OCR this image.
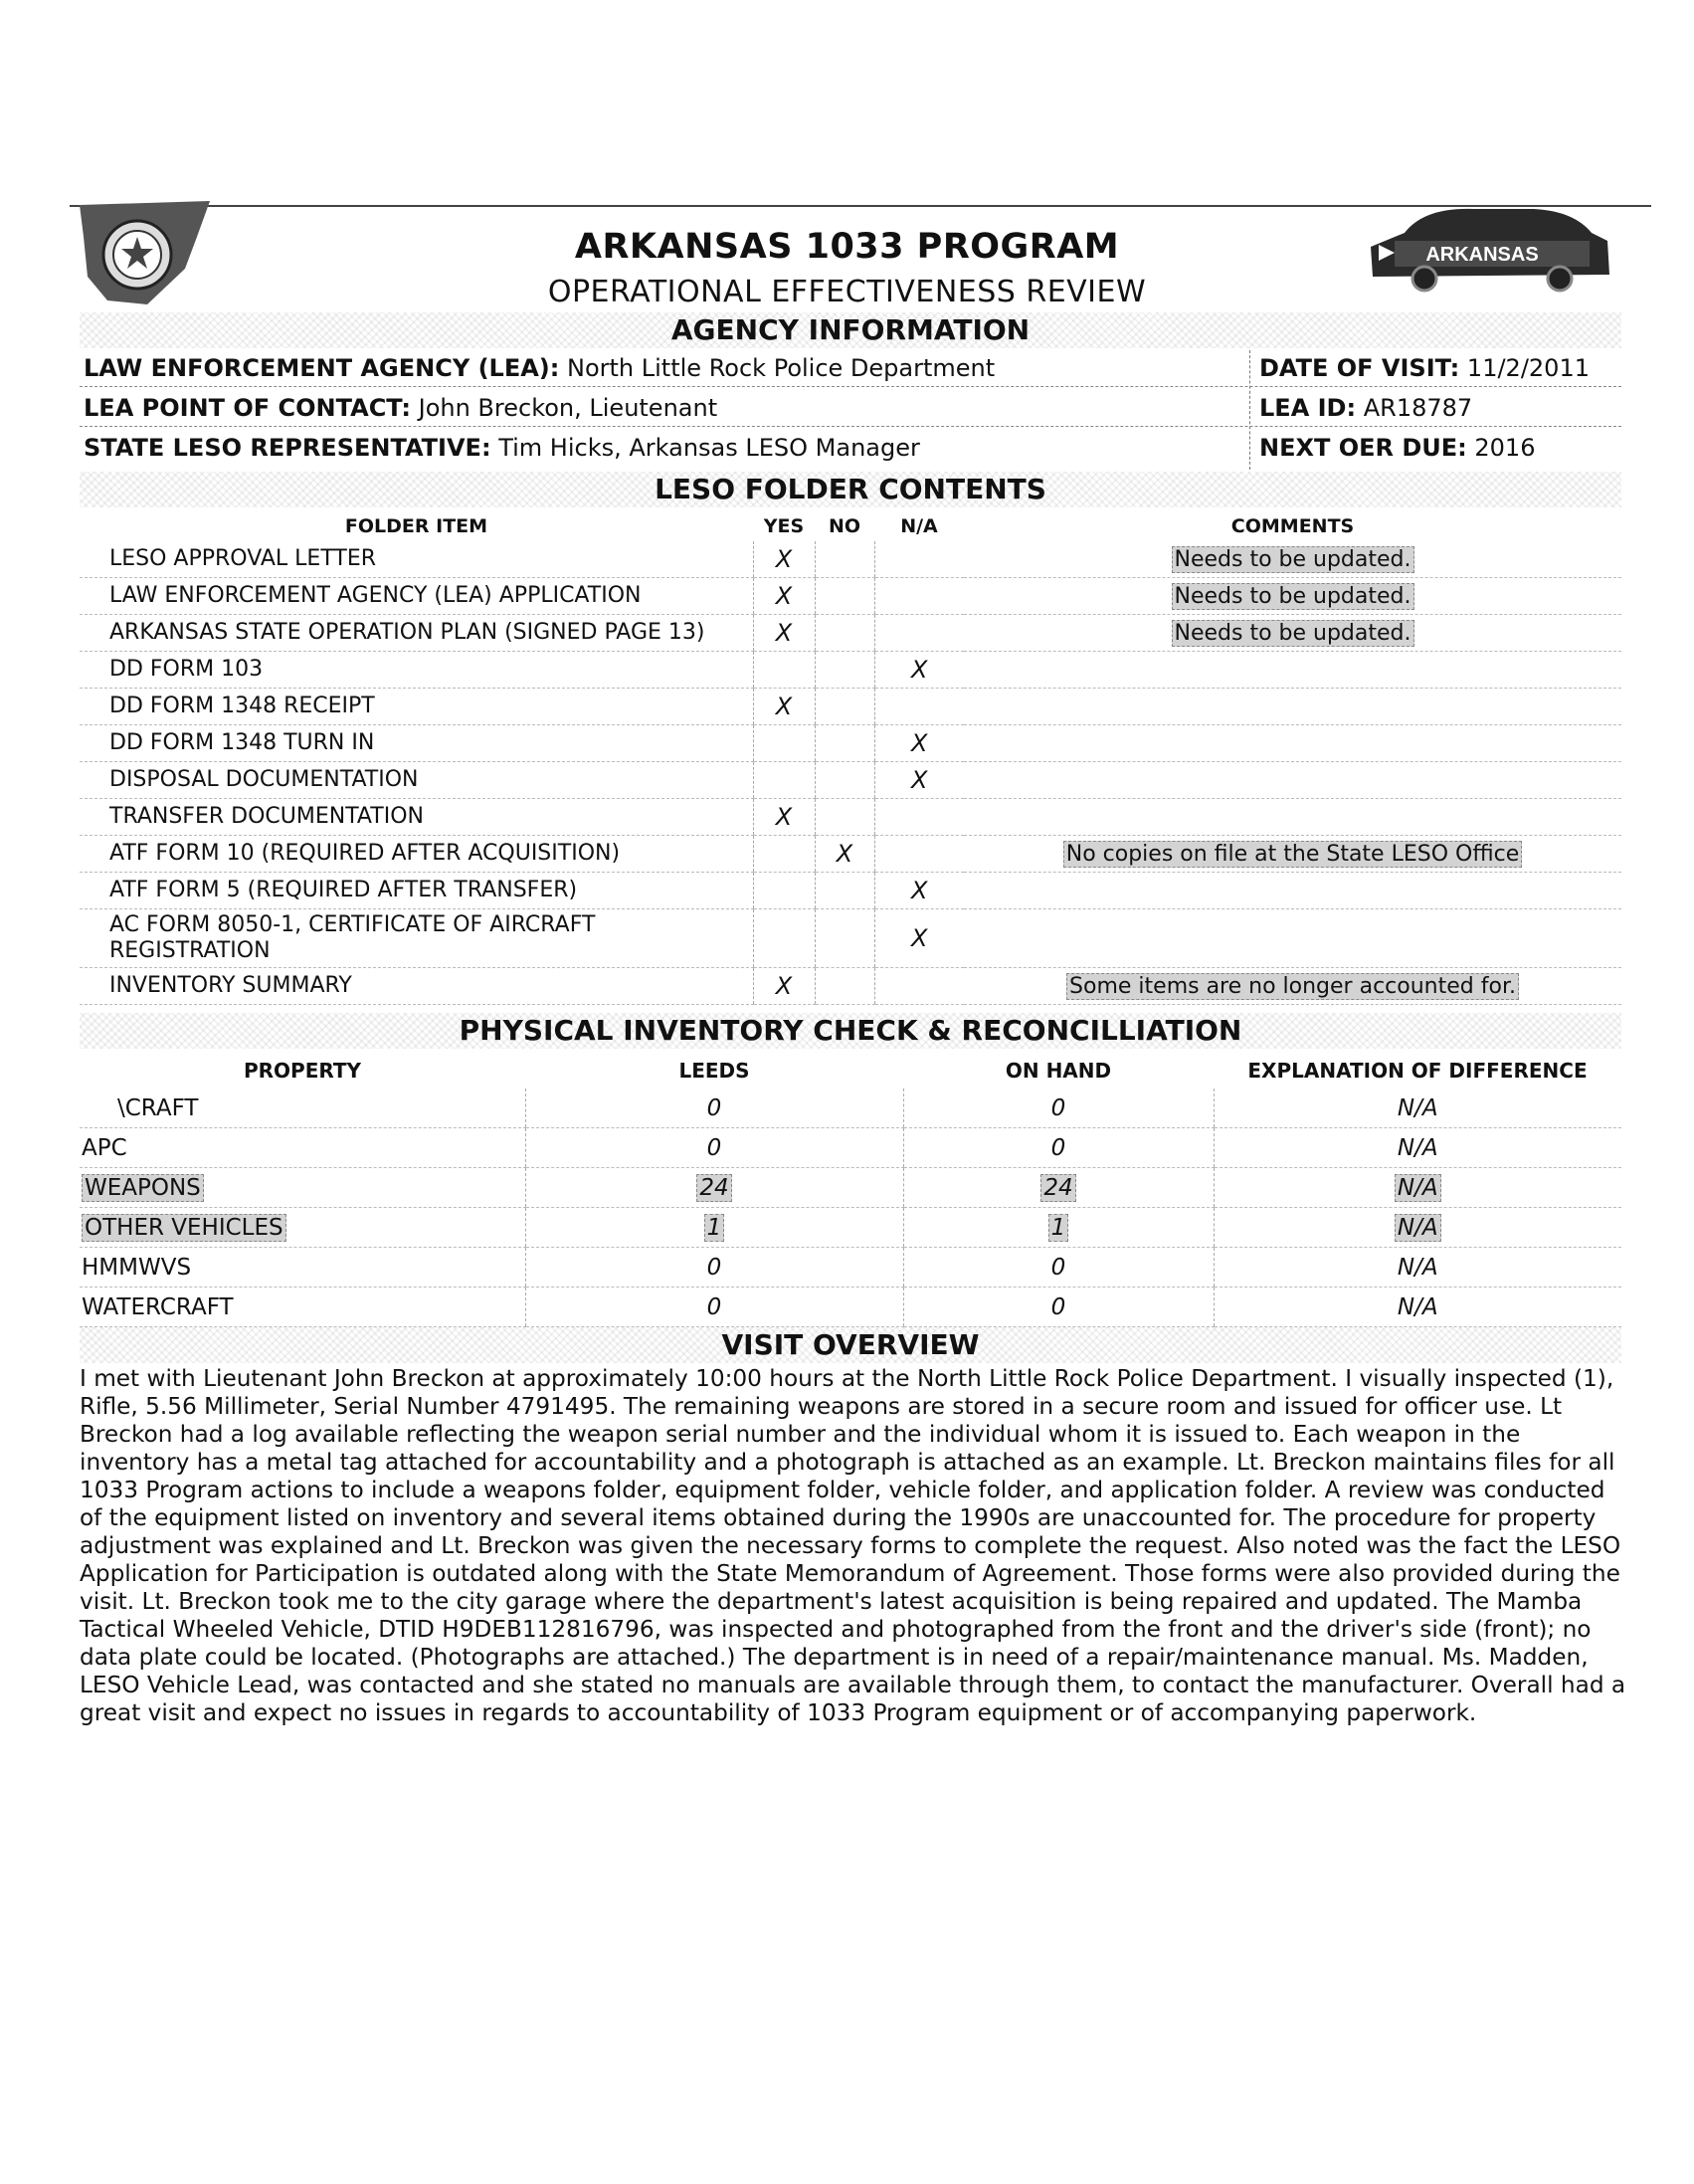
ARKANSAS
ARKANSAS 1033 PROGRAM
OPERATIONAL EFFECTIVENESS REVIEW
AGENCY INFORMATION
LAW ENFORCEMENT AGENCY (LEA): North Little Rock Police Department
LEA POINT OF CONTACT: John Breckon, Lieutenant
STATE LESO REPRESENTATIVE: Tim Hicks, Arkansas LESO Manager
DATE OF VISIT: 11/2/2011
LEA ID: AR18787
NEXT OER DUE: 2016
LESO FOLDER CONTENTS
FOLDER ITEM	YES	NO	N/A	COMMENTS
LESO APPROVAL LETTER	X			Needs to be updated.
LAW ENFORCEMENT AGENCY (LEA) APPLICATION	X			Needs to be updated.
ARKANSAS STATE OPERATION PLAN (SIGNED PAGE 13)	X			Needs to be updated.
DD FORM 103			X	
DD FORM 1348 RECEIPT	X			
DD FORM 1348 TURN IN			X	
DISPOSAL DOCUMENTATION			X	
TRANSFER DOCUMENTATION	X			
ATF FORM 10 (REQUIRED AFTER ACQUISITION)		X		No copies on file at the State LESO Office
ATF FORM 5 (REQUIRED AFTER TRANSFER)			X	
AC FORM 8050-1, CERTIFICATE OF AIRCRAFT REGISTRATION			X	
INVENTORY SUMMARY	X			Some items are no longer accounted for.
PHYSICAL INVENTORY CHECK & RECONCILLIATION
PROPERTY	LEEDS	ON HAND	EXPLANATION OF DIFFERENCE
\CRAFT	0	0	N/A
APC	0	0	N/A
WEAPONS	24	24	N/A
OTHER VEHICLES	1	1	N/A
HMMWVS	0	0	N/A
WATERCRAFT	0	0	N/A
VISIT OVERVIEW
I met with Lieutenant John Breckon at approximately 10:00 hours at the North Little Rock Police Department. I visually inspected (1), Rifle, 5.56 Millimeter, Serial Number 4791495. The remaining weapons are stored in a secure room and issued for officer use. Lt Breckon had a log available reflecting the weapon serial number and the individual whom it is issued to. Each weapon in the inventory has a metal tag attached for accountability and a photograph is attached as an example. Lt. Breckon maintains files for all 1033 Program actions to include a weapons folder, equipment folder, vehicle folder, and application folder. A review was conducted of the equipment listed on inventory and several items obtained during the 1990s are unaccounted for. The procedure for property adjustment was explained and Lt. Breckon was given the necessary forms to complete the request. Also noted was the fact the LESO Application for Participation is outdated along with the State Memorandum of Agreement. Those forms were also provided during the visit. Lt. Breckon took me to the city garage where the department's latest acquisition is being repaired and updated. The Mamba Tactical Wheeled Vehicle, DTID H9DEB112816796, was inspected and photographed from the front and the driver's side (front); no data plate could be located. (Photographs are attached.) The department is in need of a repair/maintenance manual. Ms. Madden, LESO Vehicle Lead, was contacted and she stated no manuals are available through them, to contact the manufacturer. Overall had a great visit and expect no issues in regards to accountability of 1033 Program equipment or of accompanying paperwork.
